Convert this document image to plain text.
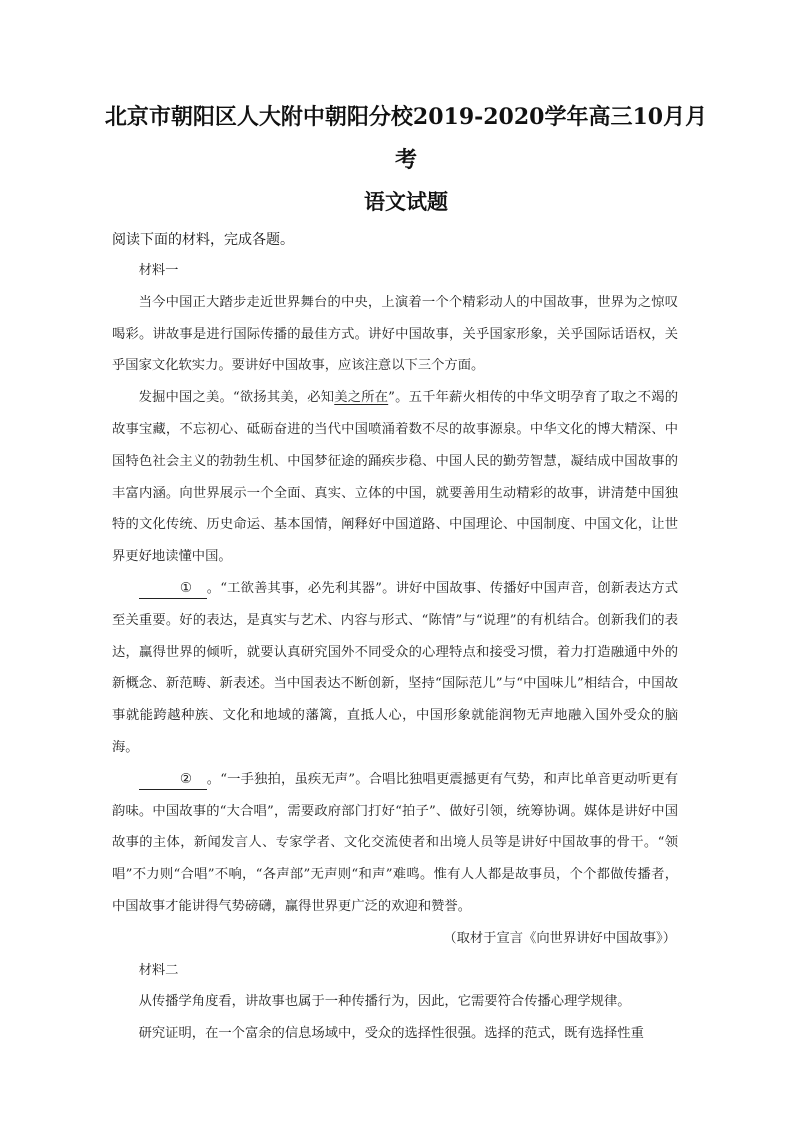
北京市朝阳区人大附中朝阳分校2019-2020学年高三10月月
考
语文试题
阅读下面的材料，完成各题。

材料一

当今中国正大踏步走近世界舞台的中央，上演着一个个精彩动人的中国故事，世界为之惊叹喝彩。讲故事是进行国际传播的最佳方式。讲好中国故事，关乎国家形象，关乎国际话语权，关乎国家文化软实力。要讲好中国故事，应该注意以下三个方面。

发掘中国之美。“欲扬其美，必知美之所在”。五千年薪火相传的中华文明孕育了取之不竭的故事宝藏，不忘初心、砥砺奋进的当代中国喷涌着数不尽的故事源泉。中华文化的博大精深、中国特色社会主义的勃勃生机、中国梦征途的踊疾步稳、中国人民的勤劳智慧，凝结成中国故事的丰富内涵。向世界展示一个全面、真实、立体的中国，就要善用生动精彩的故事，讲清楚中国独特的文化传统、历史命运、基本国情，阐释好中国道路、中国理论、中国制度、中国文化，让世界更好地读懂中国。

① 。“工欲善其事，必先利其器”。讲好中国故事、传播好中国声音，创新表达方式至关重要。好的表达，是真实与艺术、内容与形式、“陈情”与“说理”的有机结合。创新我们的表达，赢得世界的倾听，就要认真研究国外不同受众的心理特点和接受习惯，着力打造融通中外的新概念、新范畴、新表述。当中国表达不断创新，坚持“国际范儿”与“中国味儿”相结合，中国故事就能跨越种族、文化和地域的藩篱，直抵人心，中国形象就能润物无声地融入国外受众的脑海。

② 。“一手独拍，虽疾无声”。合唱比独唱更震撼更有气势，和声比单音更动听更有韵味。中国故事的“大合唱”，需要政府部门打好“拍子”、做好引领，统筹协调。媒体是讲好中国故事的主体，新闻发言人、专家学者、文化交流使者和出境人员等是讲好中国故事的骨干。“领唱”不力则“合唱”不响，“各声部”无声则“和声”难鸣。惟有人人都是故事员，个个都做传播者，中国故事才能讲得气势磅礴，赢得世界更广泛的欢迎和赞誉。

（取材于宣言《向世界讲好中国故事》）

材料二

从传播学角度看，讲故事也属于一种传播行为，因此，它需要符合传播心理学规律。

研究证明，在一个富余的信息场域中，受众的选择性很强。选择的范式，既有选择性重
